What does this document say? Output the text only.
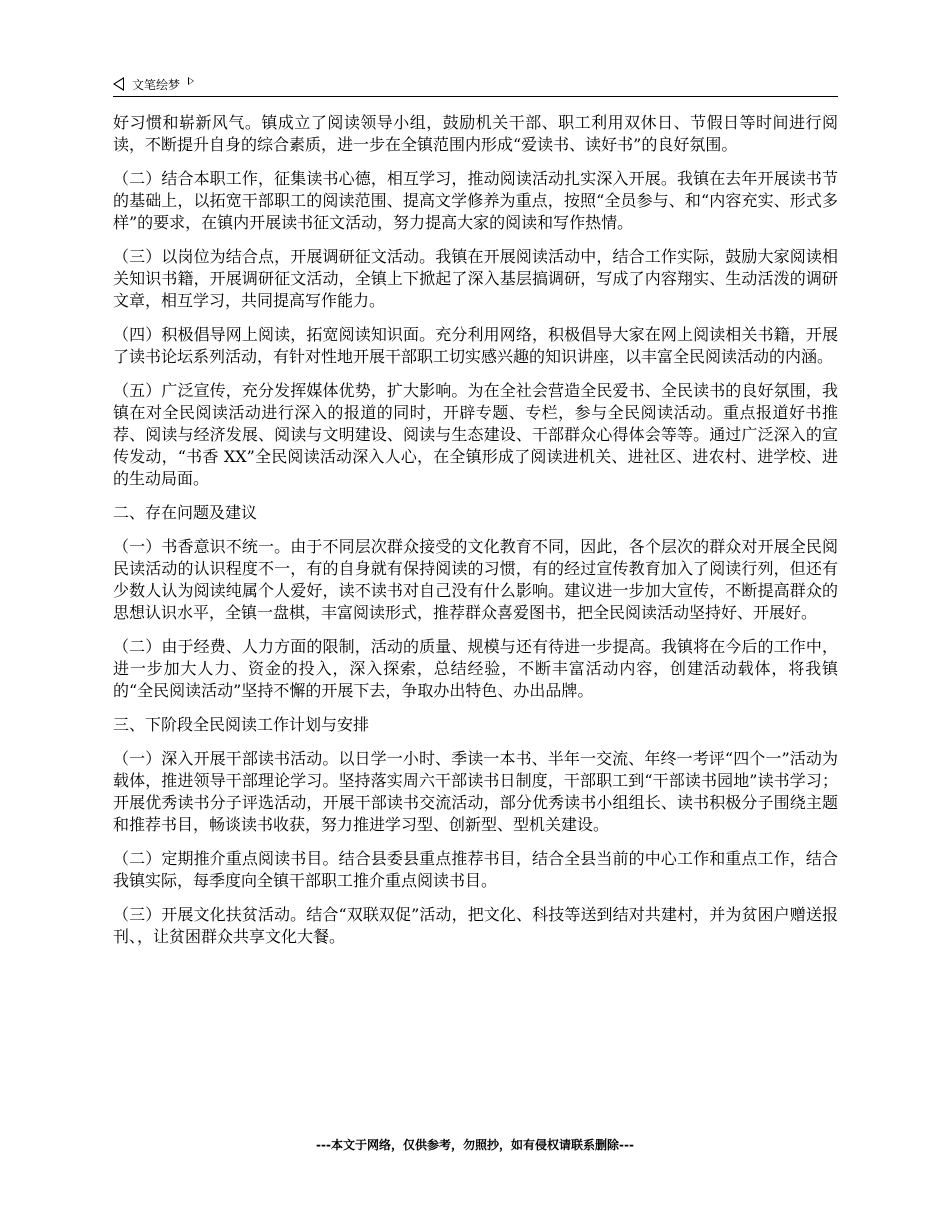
文笔绘梦

好习惯和崭新风气。镇成立了阅读领导小组，鼓励机关干部、职工利用双休日、节假日等时间进行阅读，不断提升自身的综合素质，进一步在全镇范围内形成“爱读书、读好书”的良好氛围。

（二）结合本职工作，征集读书心德，相互学习，推动阅读活动扎实深入开展。我镇在去年开展读书节的基础上，以拓宽干部职工的阅读范围、提高文学修养为重点，按照“全员参与、和“内容充实、形式多样”的要求，在镇内开展读书征文活动，努力提高大家的阅读和写作热情。

（三）以岗位为结合点，开展调研征文活动。我镇在开展阅读活动中，结合工作实际，鼓励大家阅读相关知识书籍，开展调研征文活动，全镇上下掀起了深入基层搞调研，写成了内容翔实、生动活泼的调研文章，相互学习，共同提高写作能力。

（四）积极倡导网上阅读，拓宽阅读知识面。充分利用网络，积极倡导大家在网上阅读相关书籍，开展了读书论坛系列活动，有针对性地开展干部职工切实感兴趣的知识讲座，以丰富全民阅读活动的内涵。

（五）广泛宣传，充分发挥媒体优势，扩大影响。为在全社会营造全民爱书、全民读书的良好氛围，我镇在对全民阅读活动进行深入的报道的同时，开辟专题、专栏，参与全民阅读活动。重点报道好书推荐、阅读与经济发展、阅读与文明建设、阅读与生态建设、干部群众心得体会等等。通过广泛深入的宣传发动，“书香 XX”全民阅读活动深入人心，在全镇形成了阅读进机关、进社区、进农村、进学校、进的生动局面。

二、存在问题及建议

（一）书香意识不统一。由于不同层次群众接受的文化教育不同，因此，各个层次的群众对开展全民阅民读活动的认识程度不一，有的自身就有保持阅读的习惯，有的经过宣传教育加入了阅读行列，但还有少数人认为阅读纯属个人爱好，读不读书对自己没有什么影响。建议进一步加大宣传，不断提高群众的思想认识水平，全镇一盘棋，丰富阅读形式，推荐群众喜爱图书，把全民阅读活动坚持好、开展好。

（二）由于经费、人力方面的限制，活动的质量、规模与还有待进一步提高。我镇将在今后的工作中，进一步加大人力、资金的投入，深入探索，总结经验，不断丰富活动内容，创建活动载体，将我镇的“全民阅读活动”坚持不懈的开展下去，争取办出特色、办出品牌。

三、下阶段全民阅读工作计划与安排

（一）深入开展干部读书活动。以日学一小时、季读一本书、半年一交流、年终一考评“四个一”活动为载体，推进领导干部理论学习。坚持落实周六干部读书日制度，干部职工到“干部读书园地”读书学习；开展优秀读书分子评选活动，开展干部读书交流活动，部分优秀读书小组组长、读书积极分子围绕主题和推荐书目，畅谈读书收获，努力推进学习型、创新型、型机关建设。

（二）定期推介重点阅读书目。结合县委县重点推荐书目，结合全县当前的中心工作和重点工作，结合我镇实际，每季度向全镇干部职工推介重点阅读书目。

（三）开展文化扶贫活动。结合“双联双促”活动，把文化、科技等送到结对共建村，并为贫困户赠送报刊、，让贫困群众共享文化大餐。

---本文于网络，仅供参考，勿照抄，如有侵权请联系删除---
